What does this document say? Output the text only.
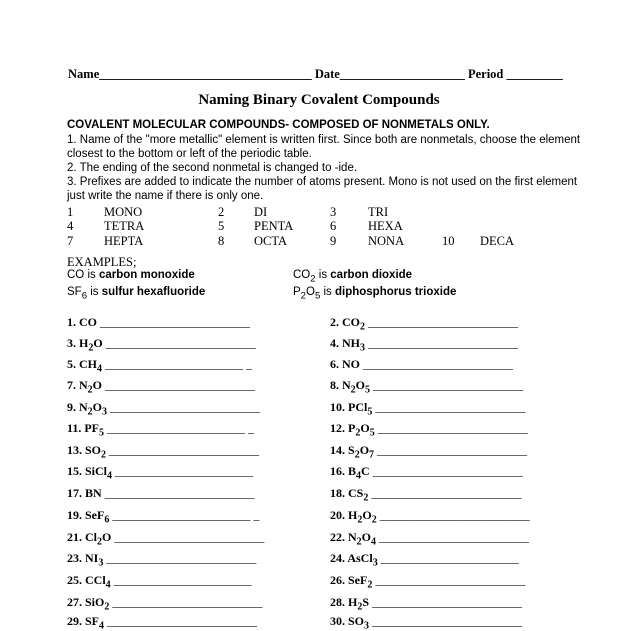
Name__________________________________ Date____________________ Period _________
Naming Binary Covalent Compounds
COVALENT MOLECULAR COMPOUNDS- COMPOSED OF NONMETALS ONLY.
1. Name of the "more metallic" element is written first. Since both are nonmetals, choose the element closest to the bottom or left of the periodic table.
2. The ending of the second nonmetal is changed to -ide.
3. Prefixes are added to indicate the number of atoms present. Mono is not used on the first element just write the name if there is only one.
1 MONO	2 DI	3	TRI
4 TETRA	5 PENTA	6	HEXA
7 HEPTA	8 OCTA	9	NONA	10 DECA
EXAMPLES;
CO is carbon monoxide	$CO_2$ is carbon dioxide
$SF_6$ is sulfur hexafluoride	$P_2O_5$ is diphosphorus trioxide
1. CO _________________________	2. $CO_2$ _________________________
3. $H_2O$ _________________________	4. $NH_3$ _________________________
5. $CH_4$ _______________________ _	6. NO _________________________
7. $N_2O$ _________________________	8. $N_2O_5$ _________________________
9. $N_2O_3$ _________________________	10. PCl$_5$ _________________________
11. $PF_5$ _______________________ _	12. $P_2O_5$ _________________________
13. $SO_2$ _________________________	14. $S_2O_7$ _________________________
15. SiCl$_4$ _______________________	16. $B_4C$ _________________________
17. BN _________________________	18. $CS_2$ _________________________
19. SeF$_6$ _______________________ _	20. $H_2O_2$ _________________________
21. $Cl_2O$ _________________________	22. $N_2O_4$ _________________________
23. $NI_3$ _________________________	24. AsCl$_3$ _______________________
25. CCl$_4$ _______________________	26. SeF$_2$ _________________________
27. SiO$_2$ _________________________	28. $H_2S$ _________________________
29. $SF_4$ _________________________	30. $SO_3$ _________________________
